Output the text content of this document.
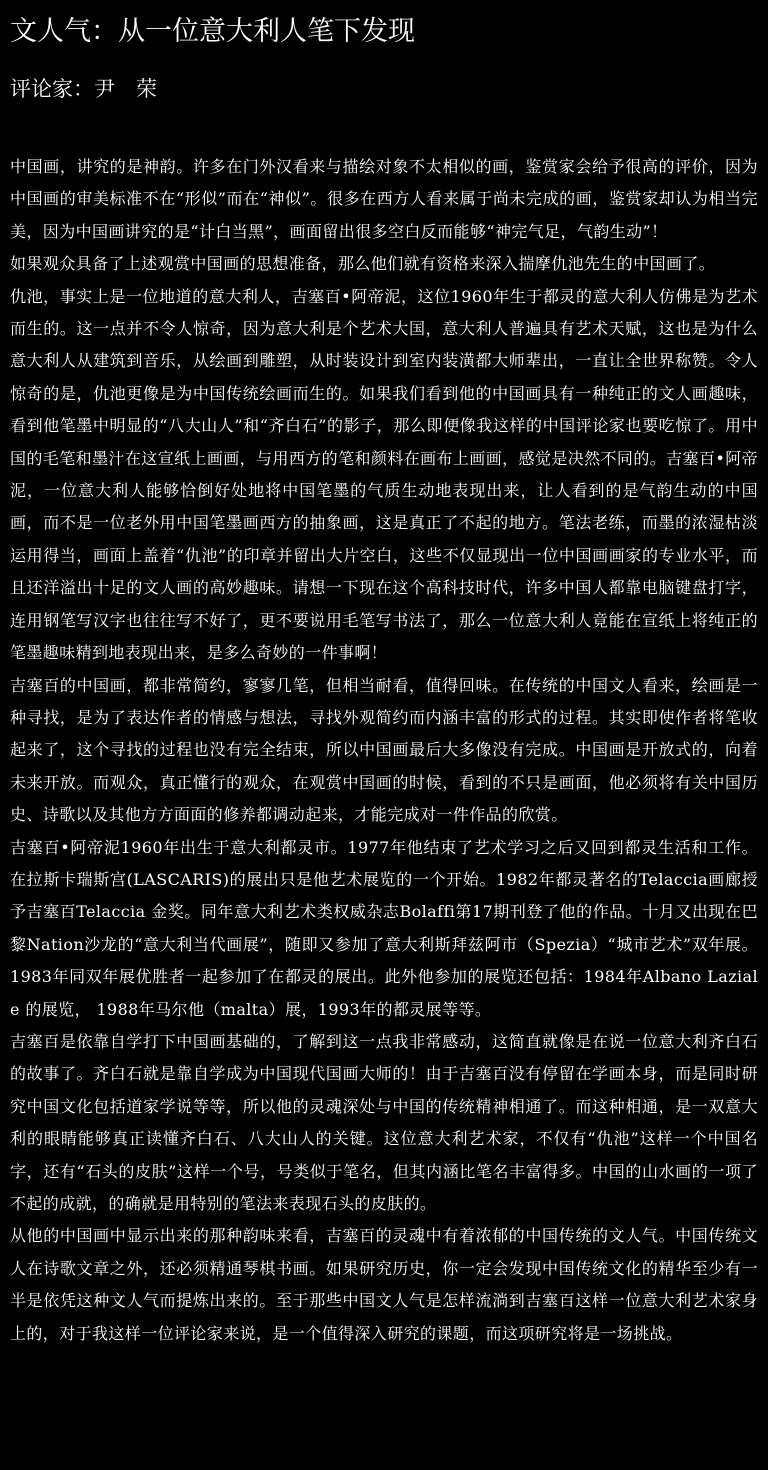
文人气：从一位意大利人笔下发现
评论家：尹　荣

中国画，讲究的是神韵。许多在门外汉看来与描绘对象不太相似的画，鉴赏家会给予很高的评价，因为中国画的审美标准不在“形似”而在“神似”。很多在西方人看来属于尚未完成的画，鉴赏家却认为相当完美，因为中国画讲究的是“计白当黑”，画面留出很多空白反而能够“神完气足，气韵生动”！

如果观众具备了上述观赏中国画的思想准备，那么他们就有资格来深入揣摩仇池先生的中国画了。

仇池，事实上是一位地道的意大利人，吉塞百•阿帝泥，这位1960年生于都灵的意大利人仿佛是为艺术而生的。这一点并不令人惊奇，因为意大利是个艺术大国，意大利人普遍具有艺术天赋，这也是为什么意大利人从建筑到音乐，从绘画到雕塑，从时装设计到室内装潢都大师辈出，一直让全世界称赞。令人惊奇的是，仇池更像是为中国传统绘画而生的。如果我们看到他的中国画具有一种纯正的文人画趣味，看到他笔墨中明显的“八大山人”和“齐白石”的影子，那么即便像我这样的中国评论家也要吃惊了。用中国的毛笔和墨汁在这宣纸上画画，与用西方的笔和颜料在画布上画画，感觉是决然不同的。吉塞百•阿帝泥，一位意大利人能够恰倒好处地将中国笔墨的气质生动地表现出来，让人看到的是气韵生动的中国画，而不是一位老外用中国笔墨画西方的抽象画，这是真正了不起的地方。笔法老练，而墨的浓湿枯淡运用得当，画面上盖着“仇池”的印章并留出大片空白，这些不仅显现出一位中国画画家的专业水平，而且还洋溢出十足的文人画的高妙趣味。请想一下现在这个高科技时代，许多中国人都靠电脑键盘打字，连用钢笔写汉字也往往写不好了，更不要说用毛笔写书法了，那么一位意大利人竟能在宣纸上将纯正的笔墨趣味精到地表现出来，是多么奇妙的一件事啊！

吉塞百的中国画，都非常简约，寥寥几笔，但相当耐看，值得回味。在传统的中国文人看来，绘画是一种寻找，是为了表达作者的情感与想法，寻找外观简约而内涵丰富的形式的过程。其实即使作者将笔收起来了，这个寻找的过程也没有完全结束，所以中国画最后大多像没有完成。中国画是开放式的，向着未来开放。而观众，真正懂行的观众，在观赏中国画的时候，看到的不只是画面，他必须将有关中国历史、诗歌以及其他方方面面的修养都调动起来，才能完成对一件作品的欣赏。

吉塞百•阿帝泥1960年出生于意大利都灵市。1977年他结束了艺术学习之后又回到都灵生活和工作。在拉斯卡瑞斯宫(LASCARIS)的展出只是他艺术展览的一个开始。1982年都灵著名的Telaccia画廊授予吉塞百Telaccia 金奖。同年意大利艺术类权威杂志Bolaffi第17期刊登了他的作品。十月又出现在巴黎Nation沙龙的“意大利当代画展”，随即又参加了意大利斯拜兹阿市（Spezia）“城市艺术”双年展。1983年同双年展优胜者一起参加了在都灵的展出。此外他参加的展览还包括：1984年Albano Laziale 的展览， 1988年马尔他（malta）展，1993年的都灵展等等。

吉塞百是依靠自学打下中国画基础的，了解到这一点我非常感动，这简直就像是在说一位意大利齐白石的故事了。齐白石就是靠自学成为中国现代国画大师的！由于吉塞百没有停留在学画本身，而是同时研究中国文化包括道家学说等等，所以他的灵魂深处与中国的传统精神相通了。而这种相通，是一双意大利的眼睛能够真正读懂齐白石、八大山人的关键。这位意大利艺术家，不仅有“仇池”这样一个中国名字，还有“石头的皮肤”这样一个号，号类似于笔名，但其内涵比笔名丰富得多。中国的山水画的一项了不起的成就，的确就是用特别的笔法来表现石头的皮肤的。

从他的中国画中显示出来的那种韵味来看，吉塞百的灵魂中有着浓郁的中国传统的文人气。中国传统文人在诗歌文章之外，还必须精通琴棋书画。如果研究历史，你一定会发现中国传统文化的精华至少有一半是依凭这种文人气而提炼出来的。至于那些中国文人气是怎样流淌到吉塞百这样一位意大利艺术家身上的，对于我这样一位评论家来说，是一个值得深入研究的课题，而这项研究将是一场挑战。
